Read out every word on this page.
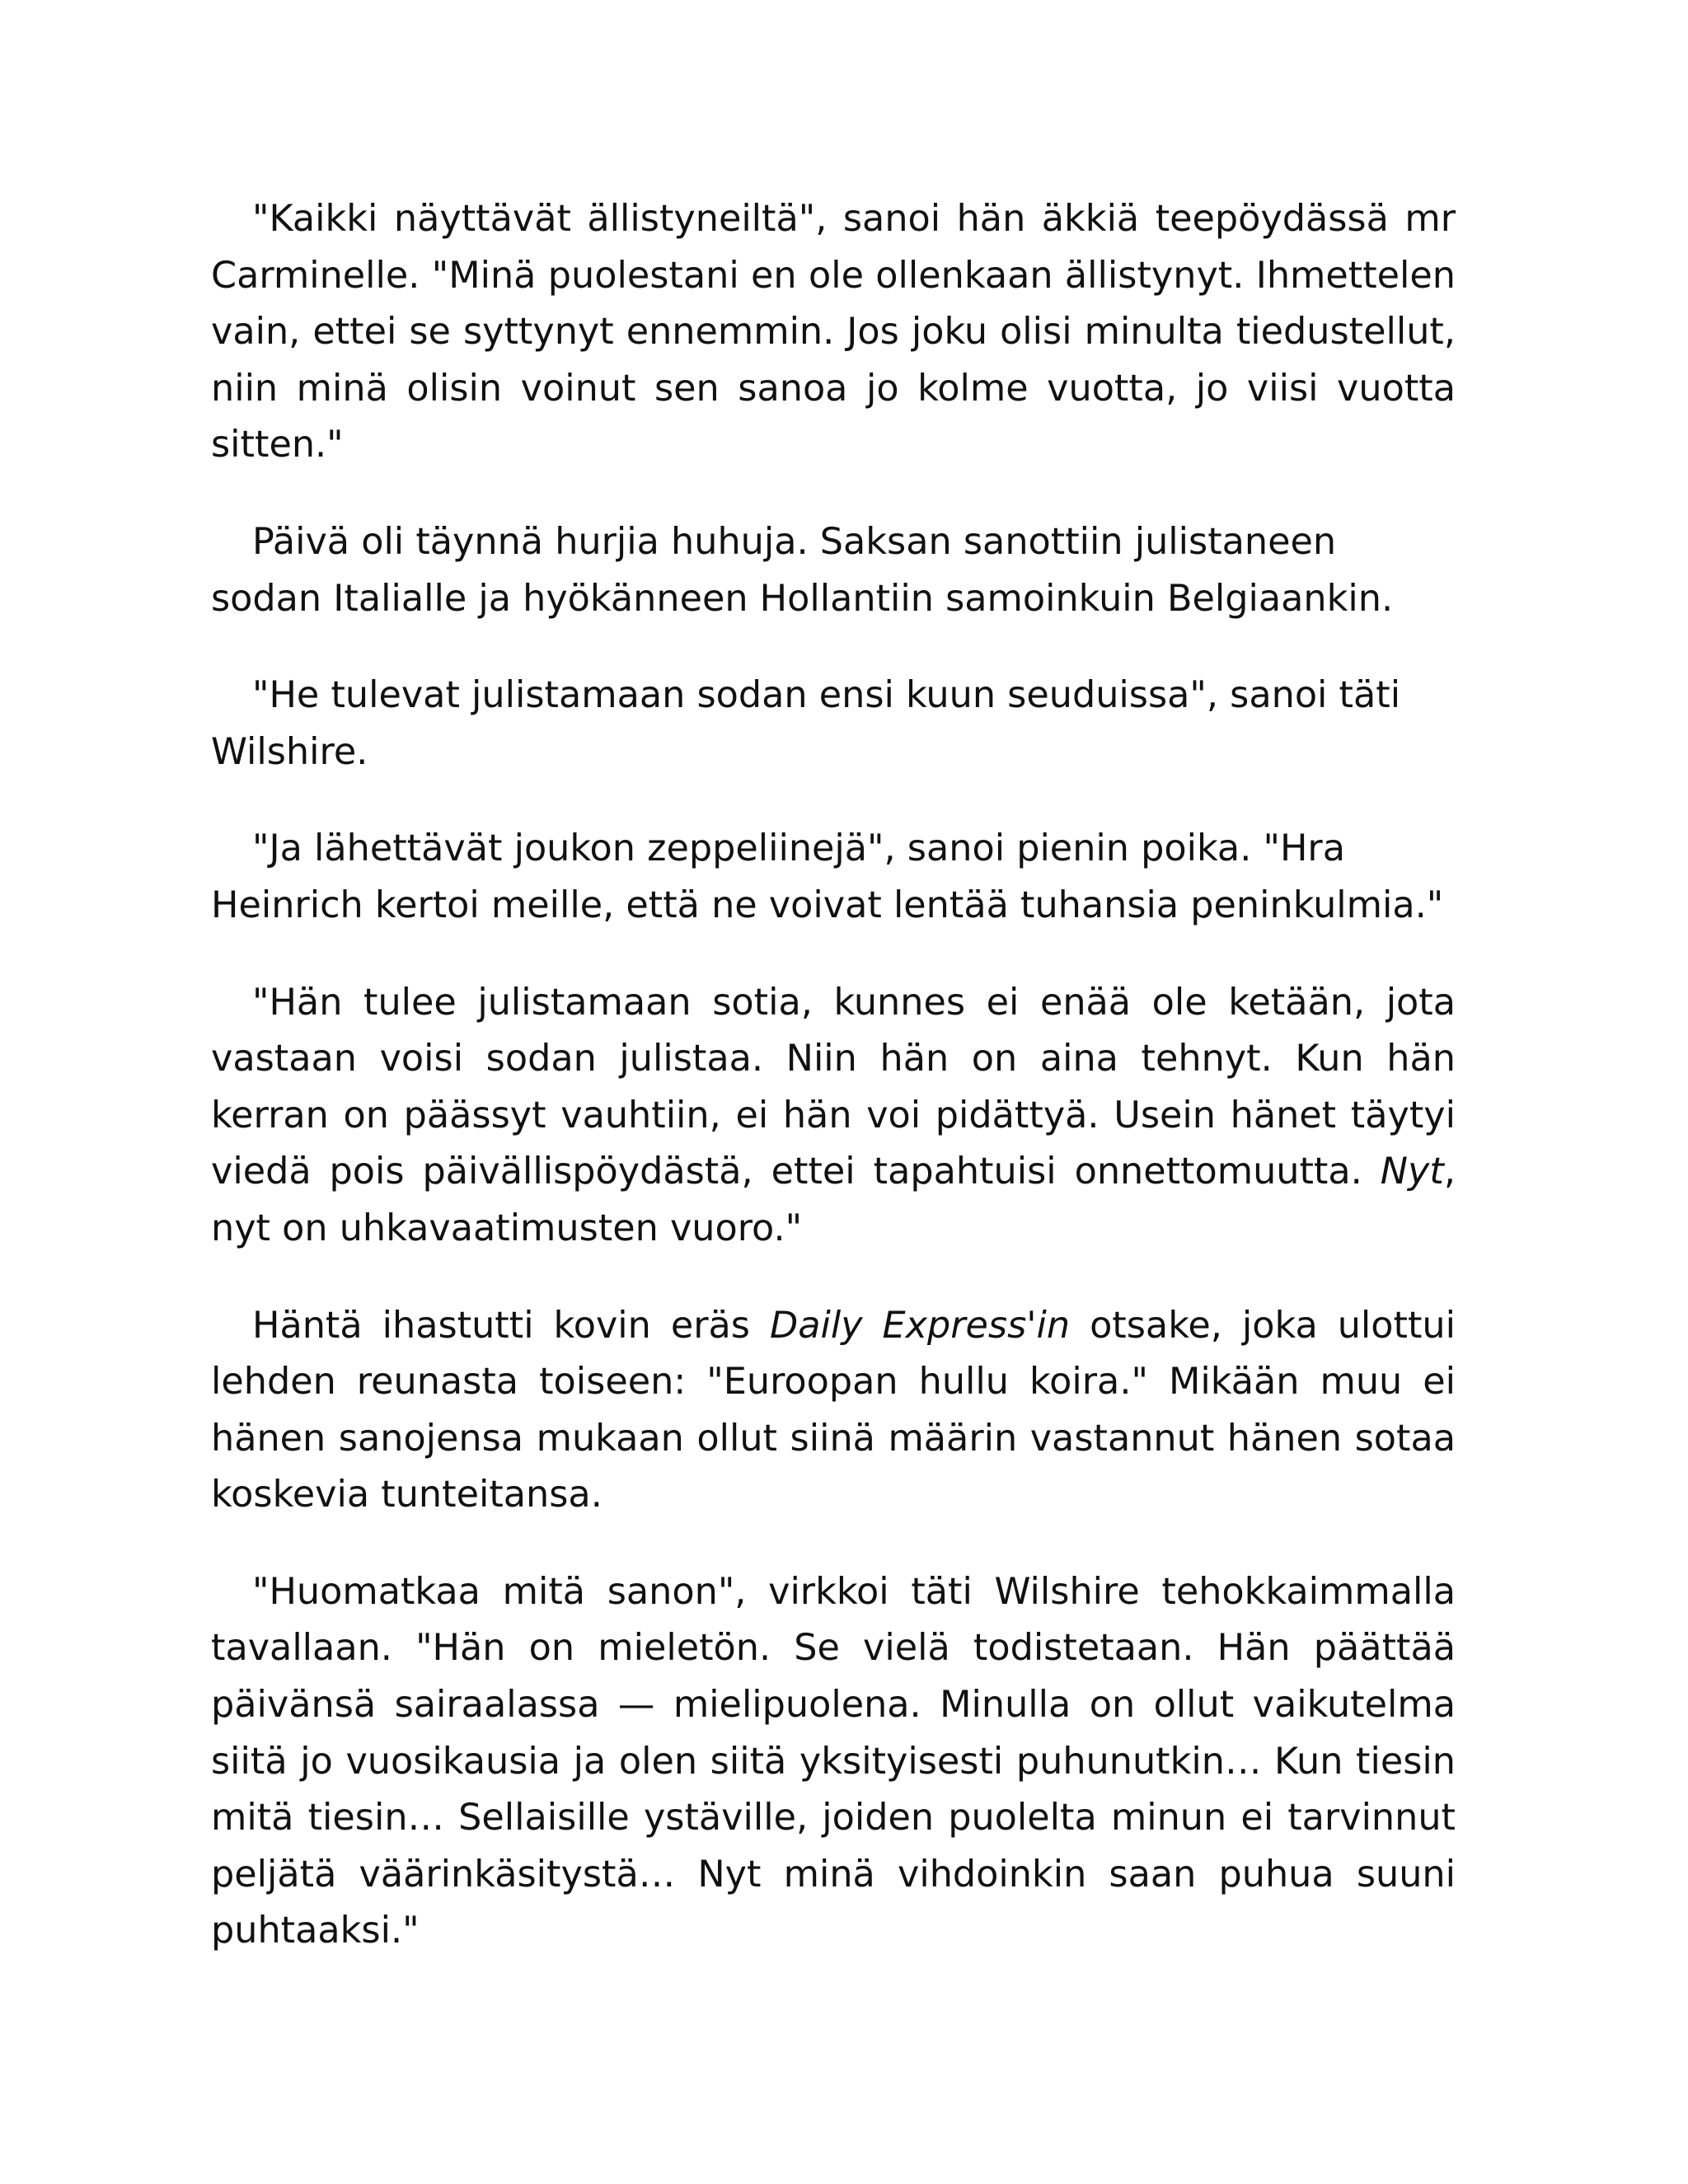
"Kaikki näyttävät ällistyneiltä", sanoi hän äkkiä teepöydässä mr Carminelle. "Minä puolestani en ole ollenkaan ällistynyt. Ihmettelen vain, ettei se syttynyt ennemmin. Jos joku olisi minulta tiedustellut, niin minä olisin voinut sen sanoa jo kolme vuotta, jo viisi vuotta sitten."

Päivä oli täynnä hurjia huhuja. Saksan sanottiin julistaneen sodan Italialle ja hyökänneen Hollantiin samoinkuin Belgiaankin.

"He tulevat julistamaan sodan ensi kuun seuduissa", sanoi täti Wilshire.

"Ja lähettävät joukon zeppeliinejä", sanoi pienin poika. "Hra Heinrich kertoi meille, että ne voivat lentää tuhansia peninkulmia."

"Hän tulee julistamaan sotia, kunnes ei enää ole ketään, jota vastaan voisi sodan julistaa. Niin hän on aina tehnyt. Kun hän kerran on päässyt vauhtiin, ei hän voi pidättyä. Usein hänet täytyi viedä pois päivällispöydästä, ettei tapahtuisi onnettomuutta. Nyt, nyt on uhkavaatimusten vuoro."

Häntä ihastutti kovin eräs Daily Express'in otsake, joka ulottui lehden reunasta toiseen: "Euroopan hullu koira." Mikään muu ei hänen sanojensa mukaan ollut siinä määrin vastannut hänen sotaa koskevia tunteitansa.

"Huomatkaa mitä sanon", virkkoi täti Wilshire tehokkaimmalla tavallaan. "Hän on mieletön. Se vielä todistetaan. Hän päättää päivänsä sairaalassa — mielipuolena. Minulla on ollut vaikutelma siitä jo vuosikausia ja olen siitä yksityisesti puhunutkin… Kun tiesin mitä tiesin… Sellaisille ystäville, joiden puolelta minun ei tarvinnut peljätä väärinkäsitystä… Nyt minä vihdoinkin saan puhua suuni puhtaaksi."
